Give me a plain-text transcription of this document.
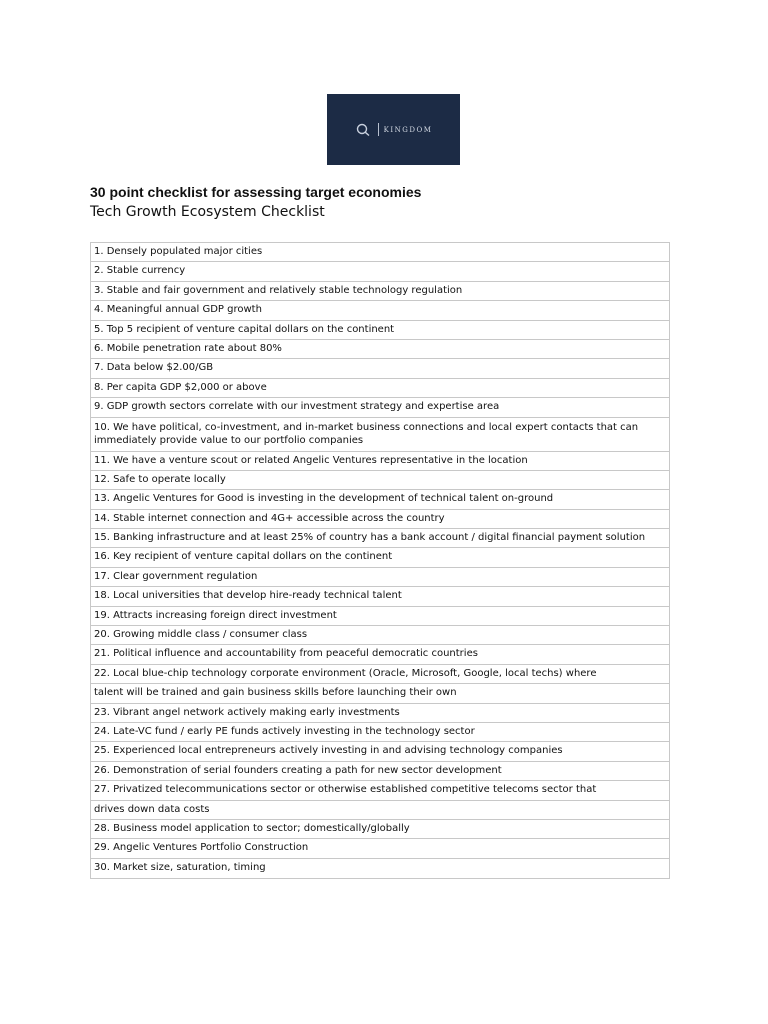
KINGDOM
30 point checklist for assessing target economies
Tech Growth Ecosystem Checklist
1. Densely populated major cities
2. Stable currency
3. Stable and fair government and relatively stable technology regulation
4. Meaningful annual GDP growth
5. Top 5 recipient of venture capital dollars on the continent
6. Mobile penetration rate about 80%
7. Data below $2.00/GB
8. Per capita GDP $2,000 or above
9. GDP growth sectors correlate with our investment strategy and expertise area
10. We have political, co-investment, and in-market business connections and local expert contacts that can immediately provide value to our portfolio companies
11. We have a venture scout or related Angelic Ventures representative in the location
12. Safe to operate locally
13. Angelic Ventures for Good is investing in the development of technical talent on-ground
14. Stable internet connection and 4G+ accessible across the country
15. Banking infrastructure and at least 25% of country has a bank account / digital financial payment solution
16. Key recipient of venture capital dollars on the continent
17. Clear government regulation
18. Local universities that develop hire-ready technical talent
19. Attracts increasing foreign direct investment
20. Growing middle class / consumer class
21. Political influence and accountability from peaceful democratic countries
22. Local blue-chip technology corporate environment (Oracle, Microsoft, Google, local techs) where
talent will be trained and gain business skills before launching their own
23. Vibrant angel network actively making early investments
24. Late-VC fund / early PE funds actively investing in the technology sector
25. Experienced local entrepreneurs actively investing in and advising technology companies
26. Demonstration of serial founders creating a path for new sector development
27. Privatized telecommunications sector or otherwise established competitive telecoms sector that
drives down data costs
28. Business model application to sector; domestically/globally
29. Angelic Ventures Portfolio Construction
30. Market size, saturation, timing
